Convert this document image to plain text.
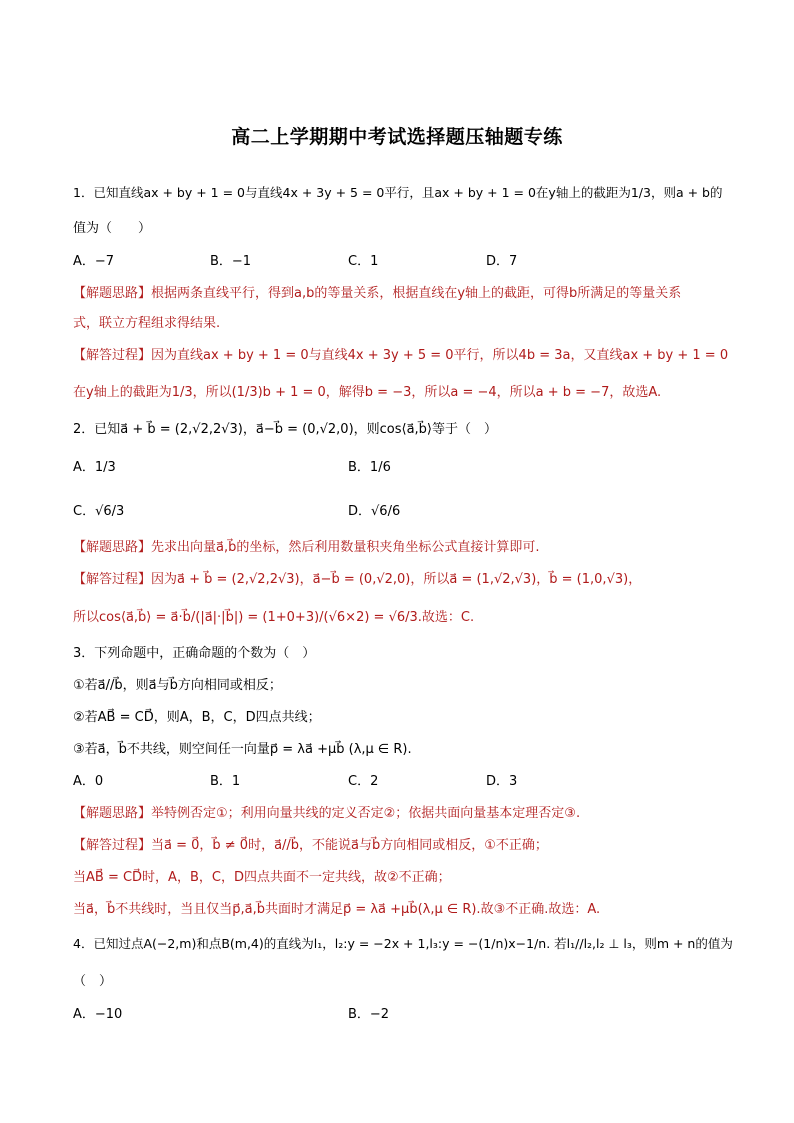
高二上学期期中考试选择题压轴题专练
1．已知直线ax + by + 1 = 0与直线4x + 3y + 5 = 0平行，且ax + by + 1 = 0在y轴上的截距为1/3，则a + b的
值为（　　）
A．−7	B．−1	C．1	D．7
【解题思路】根据两条直线平行，得到a,b的等量关系，根据直线在y轴上的截距，可得b所满足的等量关系
式，联立方程组求得结果.
【解答过程】因为直线ax + by + 1 = 0与直线4x + 3y + 5 = 0平行，所以4b = 3a，又直线ax + by + 1 = 0
在y轴上的截距为1/3，所以(1/3)b + 1 = 0，解得b = −3，所以a = −4，所以a + b = −7，故选A.
2．已知a⃗ + b⃗ = (2,√2,2√3)，a⃗−b⃗ = (0,√2,0)，则cos⟨a⃗,b⃗⟩等于（　）
A．1/3	B．1/6
C．√6/3	D．√6/6
【解题思路】先求出向量a⃗,b⃗的坐标，然后利用数量积夹角坐标公式直接计算即可.
【解答过程】因为a⃗ + b⃗ = (2,√2,2√3)，a⃗−b⃗ = (0,√2,0)，所以a⃗ = (1,√2,√3)，b⃗ = (1,0,√3)，
所以cos⟨a⃗,b⃗⟩ = a⃗·b⃗/(|a⃗|·|b⃗|) = (1+0+3)/(√6×2) = √6/3.故选：C.
3．下列命题中，正确命题的个数为（　）
①若a⃗//b⃗，则a⃗与b⃗方向相同或相反；
②若AB⃗ = CD⃗，则A，B，C，D四点共线；
③若a⃗，b⃗不共线，则空间任一向量p⃗ = λa⃗ +μb⃗ (λ,μ ∈ R).
A．0	B．1	C．2	D．3
【解题思路】举特例否定①；利用向量共线的定义否定②；依据共面向量基本定理否定③.
【解答过程】当a⃗ = 0⃗，b⃗ ≠ 0⃗时，a⃗//b⃗，不能说a⃗与b⃗方向相同或相反，①不正确；
当AB⃗ = CD⃗时，A，B，C，D四点共面不一定共线，故②不正确；
当a⃗，b⃗不共线时，当且仅当p⃗,a⃗,b⃗共面时才满足p⃗ = λa⃗ +μb⃗(λ,μ ∈ R).故③不正确.故选：A.
4．已知过点A(−2,m)和点B(m,4)的直线为l₁，l₂:y = −2x + 1,l₃:y = −(1/n)x−1/n. 若l₁//l₂,l₂ ⊥ l₃，则m + n的值为
（　）
A．−10	B．−2
